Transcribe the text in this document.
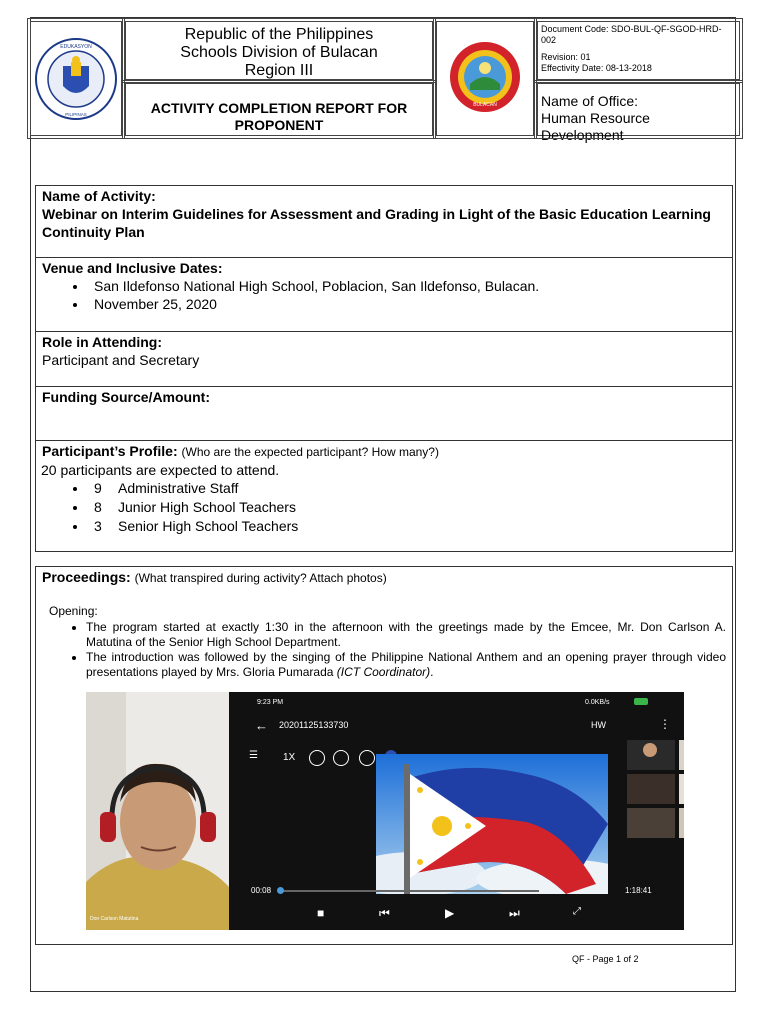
EDUKASYON
PILIPINAS
Republic of the Philippines
Schools Division of Bulacan
Region III
ACTIVITY COMPLETION REPORT FOR PROPONENT
BULACAN
Document Code: SDO-BUL-QF-SGOD-HRD-002
Revision: 01
Effectivity Date: 08-13-2018
Name of Office:
Human Resource Development
Name of Activity:
Webinar on Interim Guidelines for Assessment and Grading in Light of the Basic Education Learning Continuity Plan
Venue and Inclusive Dates:
• San Ildefonso National High School, Poblacion, San Ildefonso, Bulacan.
• November 25, 2020
Role in Attending:
Participant and Secretary
Funding Source/Amount:
Participant’s Profile: (Who are the expected participant? How many?)
20 participants are expected to attend.
• 9 Administrative Staff
• 8 Junior High School Teachers
• 3 Senior High School Teachers
Proceedings: (What transpired during activity? Attach photos)
Opening:
• The program started at exactly 1:30 in the afternoon with the greetings made by the Emcee, Mr. Don Carlson A. Matutina of the Senior High School Department.
• The introduction was followed by the singing of the Philippine National Anthem and an opening prayer through video presentations played by Mrs. Gloria Pumarada (ICT Coordinator).
Don Carlson Matutina
9:23 PM	0.0KB/s
← 20201125133730	HW	⋮
☰	1X
00:08	1:18:41
■	⏮	▶	⏭	⤢
QF - Page 1 of 2
